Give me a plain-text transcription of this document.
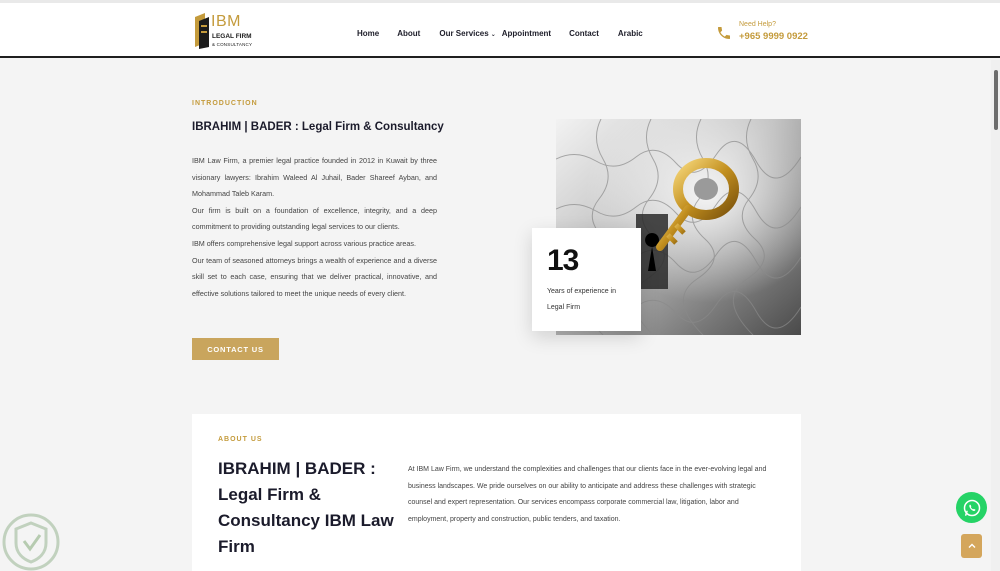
IBM
LEGAL FIRM
& CONSULTANCY
Home About Our Services ⌄ Appointment Contact Arabic
Need Help?
+965 9999 0922
INTRODUCTION
IBRAHIM | BADER : Legal Firm & Consultancy

IBM Law Firm, a premier legal practice founded in 2012 in Kuwait by three visionary lawyers: Ibrahim Waleed Al Juhail, Bader Shareef Ayban, and Mohammad Taleb Karam.

Our firm is built on a foundation of excellence, integrity, and a deep commitment to providing outstanding legal services to our clients.

IBM offers comprehensive legal support across various practice areas.

Our team of seasoned attorneys brings a wealth of experience and a diverse skill set to each case, ensuring that we deliver practical, innovative, and effective solutions tailored to meet the unique needs of every client.

CONTACT US
13
Years of experience in Legal Firm
ABOUT US
IBRAHIM | BADER : Legal Firm & Consultancy IBM Law Firm
At IBM Law Firm, we understand the complexities and challenges that our clients face in the ever-evolving legal and business landscapes. We pride ourselves on our ability to anticipate and address these challenges with strategic counsel and expert representation. Our services encompass corporate commercial law, litigation, labor and employment, property and construction, public tenders, and taxation.
